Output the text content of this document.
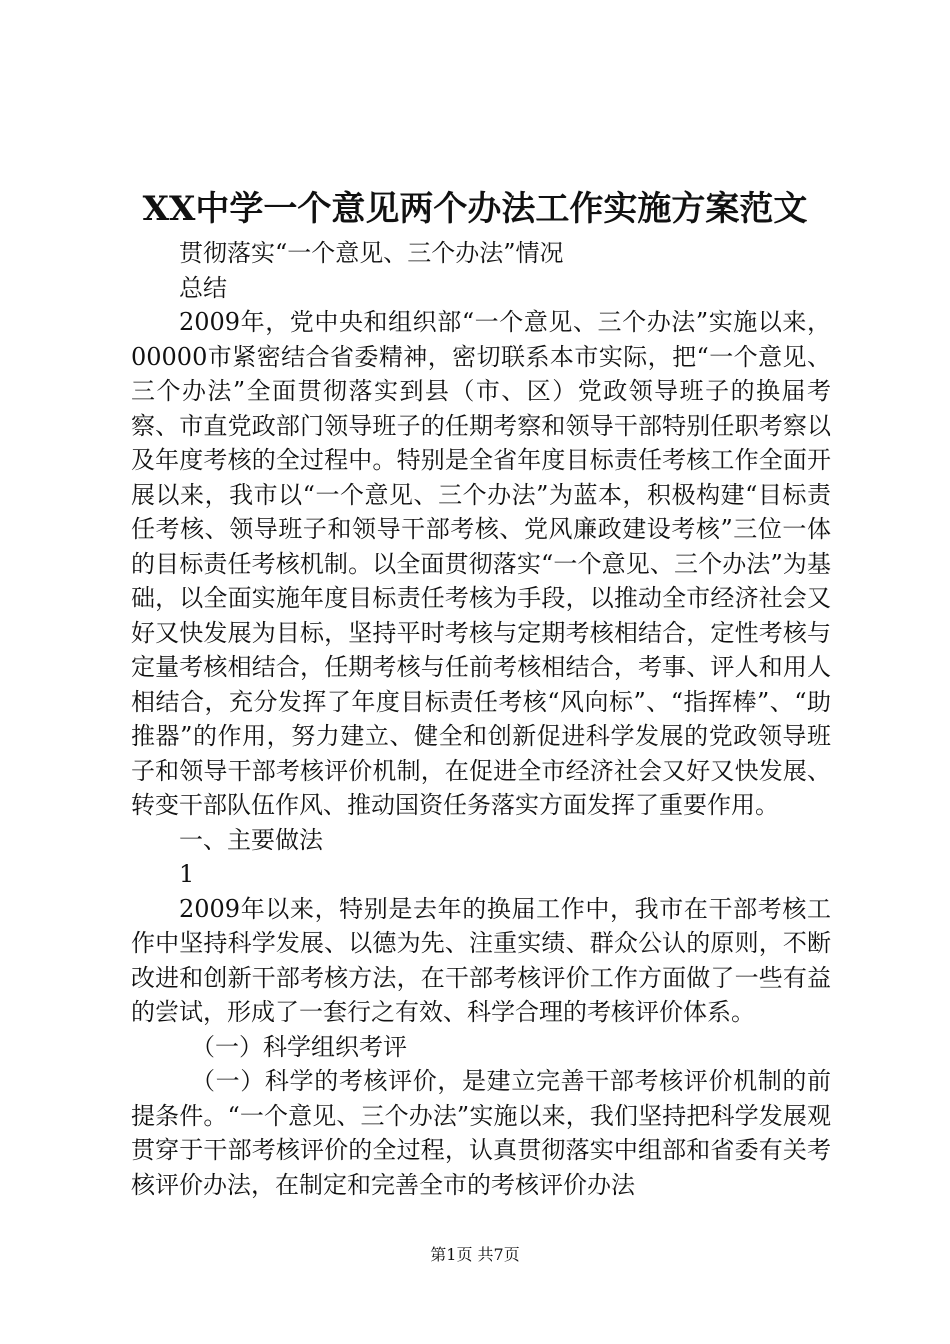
XX中学一个意见两个办法工作实施方案范文

贯彻落实“一个意见、三个办法”情况

总结

2009年，党中央和组织部“一个意见、三个办法”实施以来，00000市紧密结合省委精神，密切联系本市实际，把“一个意见、三个办法”全面贯彻落实到县（市、区）党政领导班子的换届考察、市直党政部门领导班子的任期考察和领导干部特别任职考察以及年度考核的全过程中。特别是全省年度目标责任考核工作全面开展以来，我市以“一个意见、三个办法”为蓝本，积极构建“目标责任考核、领导班子和领导干部考核、党风廉政建设考核”三位一体的目标责任考核机制。以全面贯彻落实“一个意见、三个办法”为基础，以全面实施年度目标责任考核为手段，以推动全市经济社会又好又快发展为目标，坚持平时考核与定期考核相结合，定性考核与定量考核相结合，任期考核与任前考核相结合，考事、评人和用人相结合，充分发挥了年度目标责任考核“风向标”、“指挥棒”、“助推器”的作用，努力建立、健全和创新促进科学发展的党政领导班子和领导干部考核评价机制，在促进全市经济社会又好又快发展、转变干部队伍作风、推动国资任务落实方面发挥了重要作用。

一、主要做法

1

2009年以来，特别是去年的换届工作中，我市在干部考核工作中坚持科学发展、以德为先、注重实绩、群众公认的原则，不断改进和创新干部考核方法，在干部考核评价工作方面做了一些有益的尝试，形成了一套行之有效、科学合理的考核评价体系。

（一）科学组织考评

（一）科学的考核评价，是建立完善干部考核评价机制的前提条件。“一个意见、三个办法”实施以来，我们坚持把科学发展观贯穿于干部考核评价的全过程，认真贯彻落实中组部和省委有关考核评价办法，在制定和完善全市的考核评价办法

第1页 共7页
